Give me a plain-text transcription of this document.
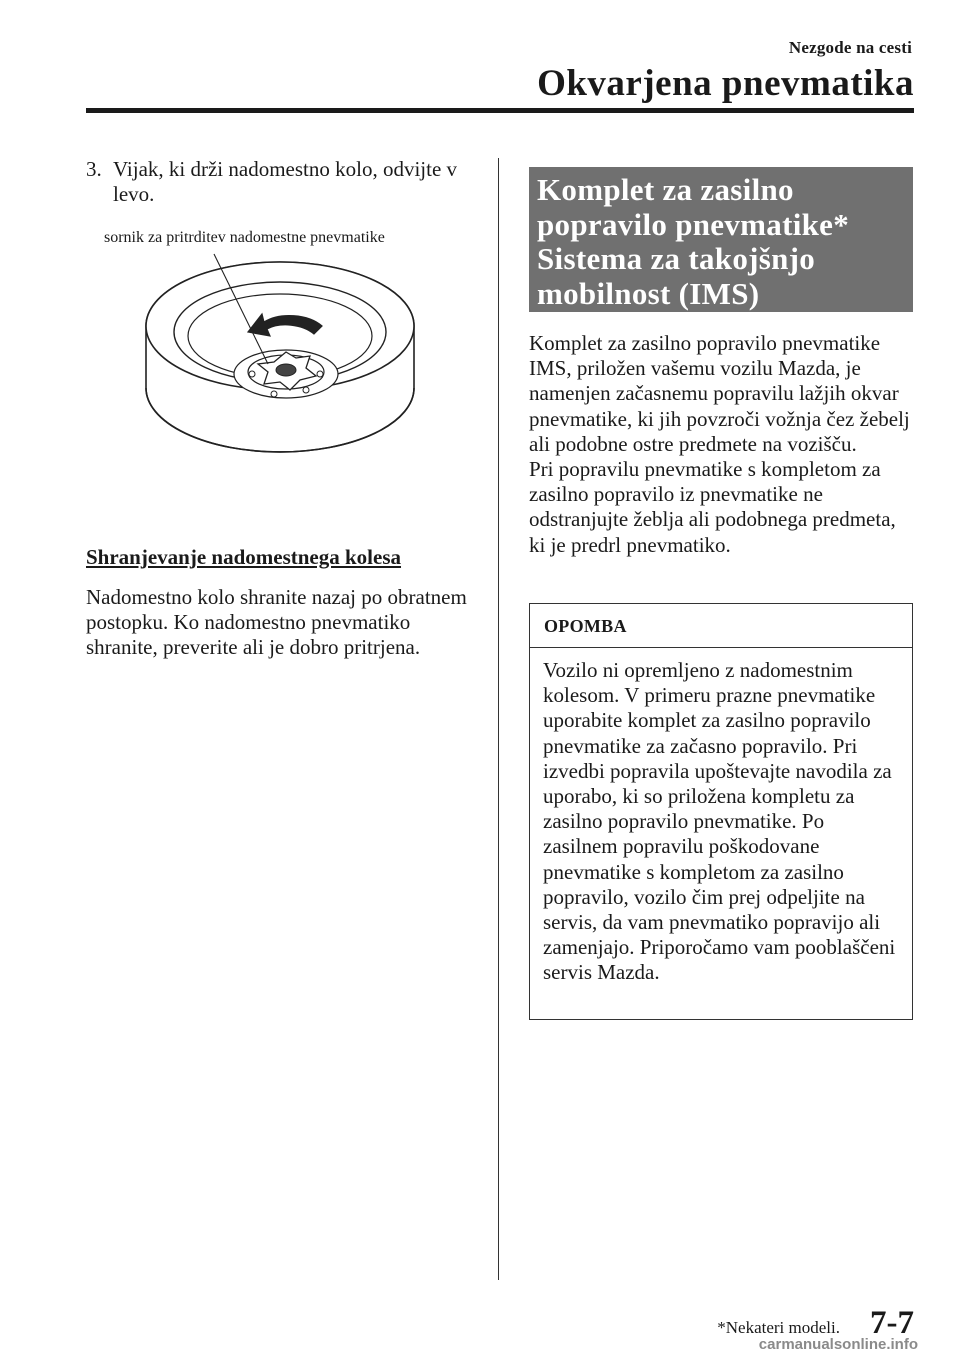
Nezgode na cesti
Okvarjena pnevmatika
3. Vijak, ki drži nadomestno kolo, odvijte v levo.
sornik za pritrditev nadomestne pnevmatike
Shranjevanje nadomestnega kolesa
Nadomestno kolo shranite nazaj po obratnem postopku. Ko nadomestno pnevmatiko shranite, preverite ali je dobro pritrjena.
Komplet za zasilno
popravilo pnevmatike*
Sistema za takojšnjo
mobilnost (IMS)
Komplet za zasilno popravilo pnevmatike IMS, priložen vašemu vozilu Mazda, je namenjen začasnemu popravilu lažjih okvar pnevmatike, ki jih povzroči vožnja čez žebelj ali podobne ostre predmete na vozišču.
Pri popravilu pnevmatike s kompletom za zasilno popravilo iz pnevmatike ne odstranjujte žeblja ali podobnega predmeta, ki je predrl pnevmatiko.
OPOMBA
Vozilo ni opremljeno z nadomestnim kolesom. V primeru prazne pnevmatike uporabite komplet za zasilno popravilo pnevmatike za začasno popravilo. Pri izvedbi popravila upoštevajte navodila za uporabo, ki so priložena kompletu za zasilno popravilo pnevmatike. Po zasilnem popravilu poškodovane pnevmatike s kompletom za zasilno popravilo, vozilo čim prej odpeljite na servis, da vam pnevmatiko popravijo ali zamenjajo. Priporočamo vam pooblaščeni servis Mazda.
*Nekateri modeli. 7-7
carmanualsonline.info
